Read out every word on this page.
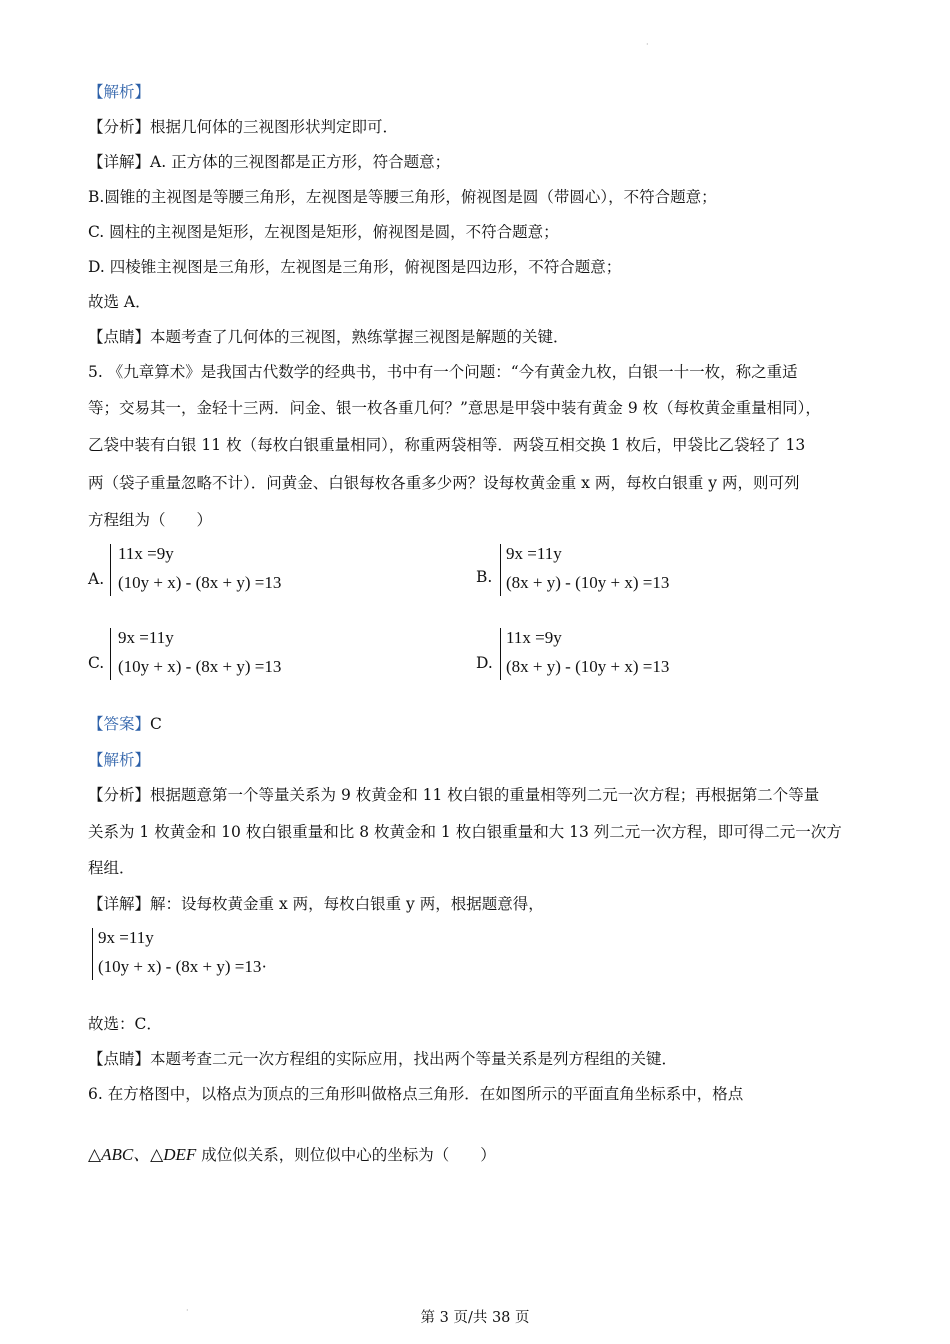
·
【解析】
【分析】根据几何体的三视图形状判定即可．
【详解】A. 正方体的三视图都是正方形，符合题意；
B.圆锥的主视图是等腰三角形，左视图是等腰三角形，俯视图是圆（带圆心），不符合题意；
C. 圆柱的主视图是矩形，左视图是矩形，俯视图是圆，不符合题意；
D. 四棱锥主视图是三角形，左视图是三角形，俯视图是四边形，不符合题意；
故选 A．
【点睛】本题考查了几何体的三视图，熟练掌握三视图是解题的关键．
5. 《九章算术》是我国古代数学的经典书，书中有一个问题：“今有黄金九枚，白银一十一枚，称之重适
等；交易其一，金轻十三两．问金、银一枚各重几何？”意思是甲袋中装有黄金 9 枚（每枚黄金重量相同），
乙袋中装有白银 11 枚（每枚白银重量相同），称重两袋相等．两袋互相交换 1 枚后，甲袋比乙袋轻了 13
两（袋子重量忽略不计）．问黄金、白银每枚各重多少两？设每枚黄金重 x 两，每枚白银重 y 两，则可列
方程组为（　　）
A.
11x =9y
(10y + x) - (8x + y) =13	B.
9x =11y
(8x + y) - (10y + x) =13
C.
9x =11y
(10y + x) - (8x + y) =13	D.
11x =9y
(8x + y) - (10y + x) =13
【答案】C
【解析】
【分析】根据题意第一个等量关系为 9 枚黄金和 11 枚白银的重量相等列二元一次方程；再根据第二个等量
关系为 1 枚黄金和 10 枚白银重量和比 8 枚黄金和 1 枚白银重量和大 13 列二元一次方程，即可得二元一次方
程组．
【详解】解：设每枚黄金重 x 两，每枚白银重 y 两，根据题意得，
9x =11y
(10y + x) - (8x + y) =13·
故选：C．
【点睛】本题考查二元一次方程组的实际应用，找出两个等量关系是列方程组的关键．
6. 在方格图中，以格点为顶点的三角形叫做格点三角形．在如图所示的平面直角坐标系中，格点
△ABC、△DEF 成位似关系，则位似中心的坐标为（　　）
·	第 3 页/共 38 页
